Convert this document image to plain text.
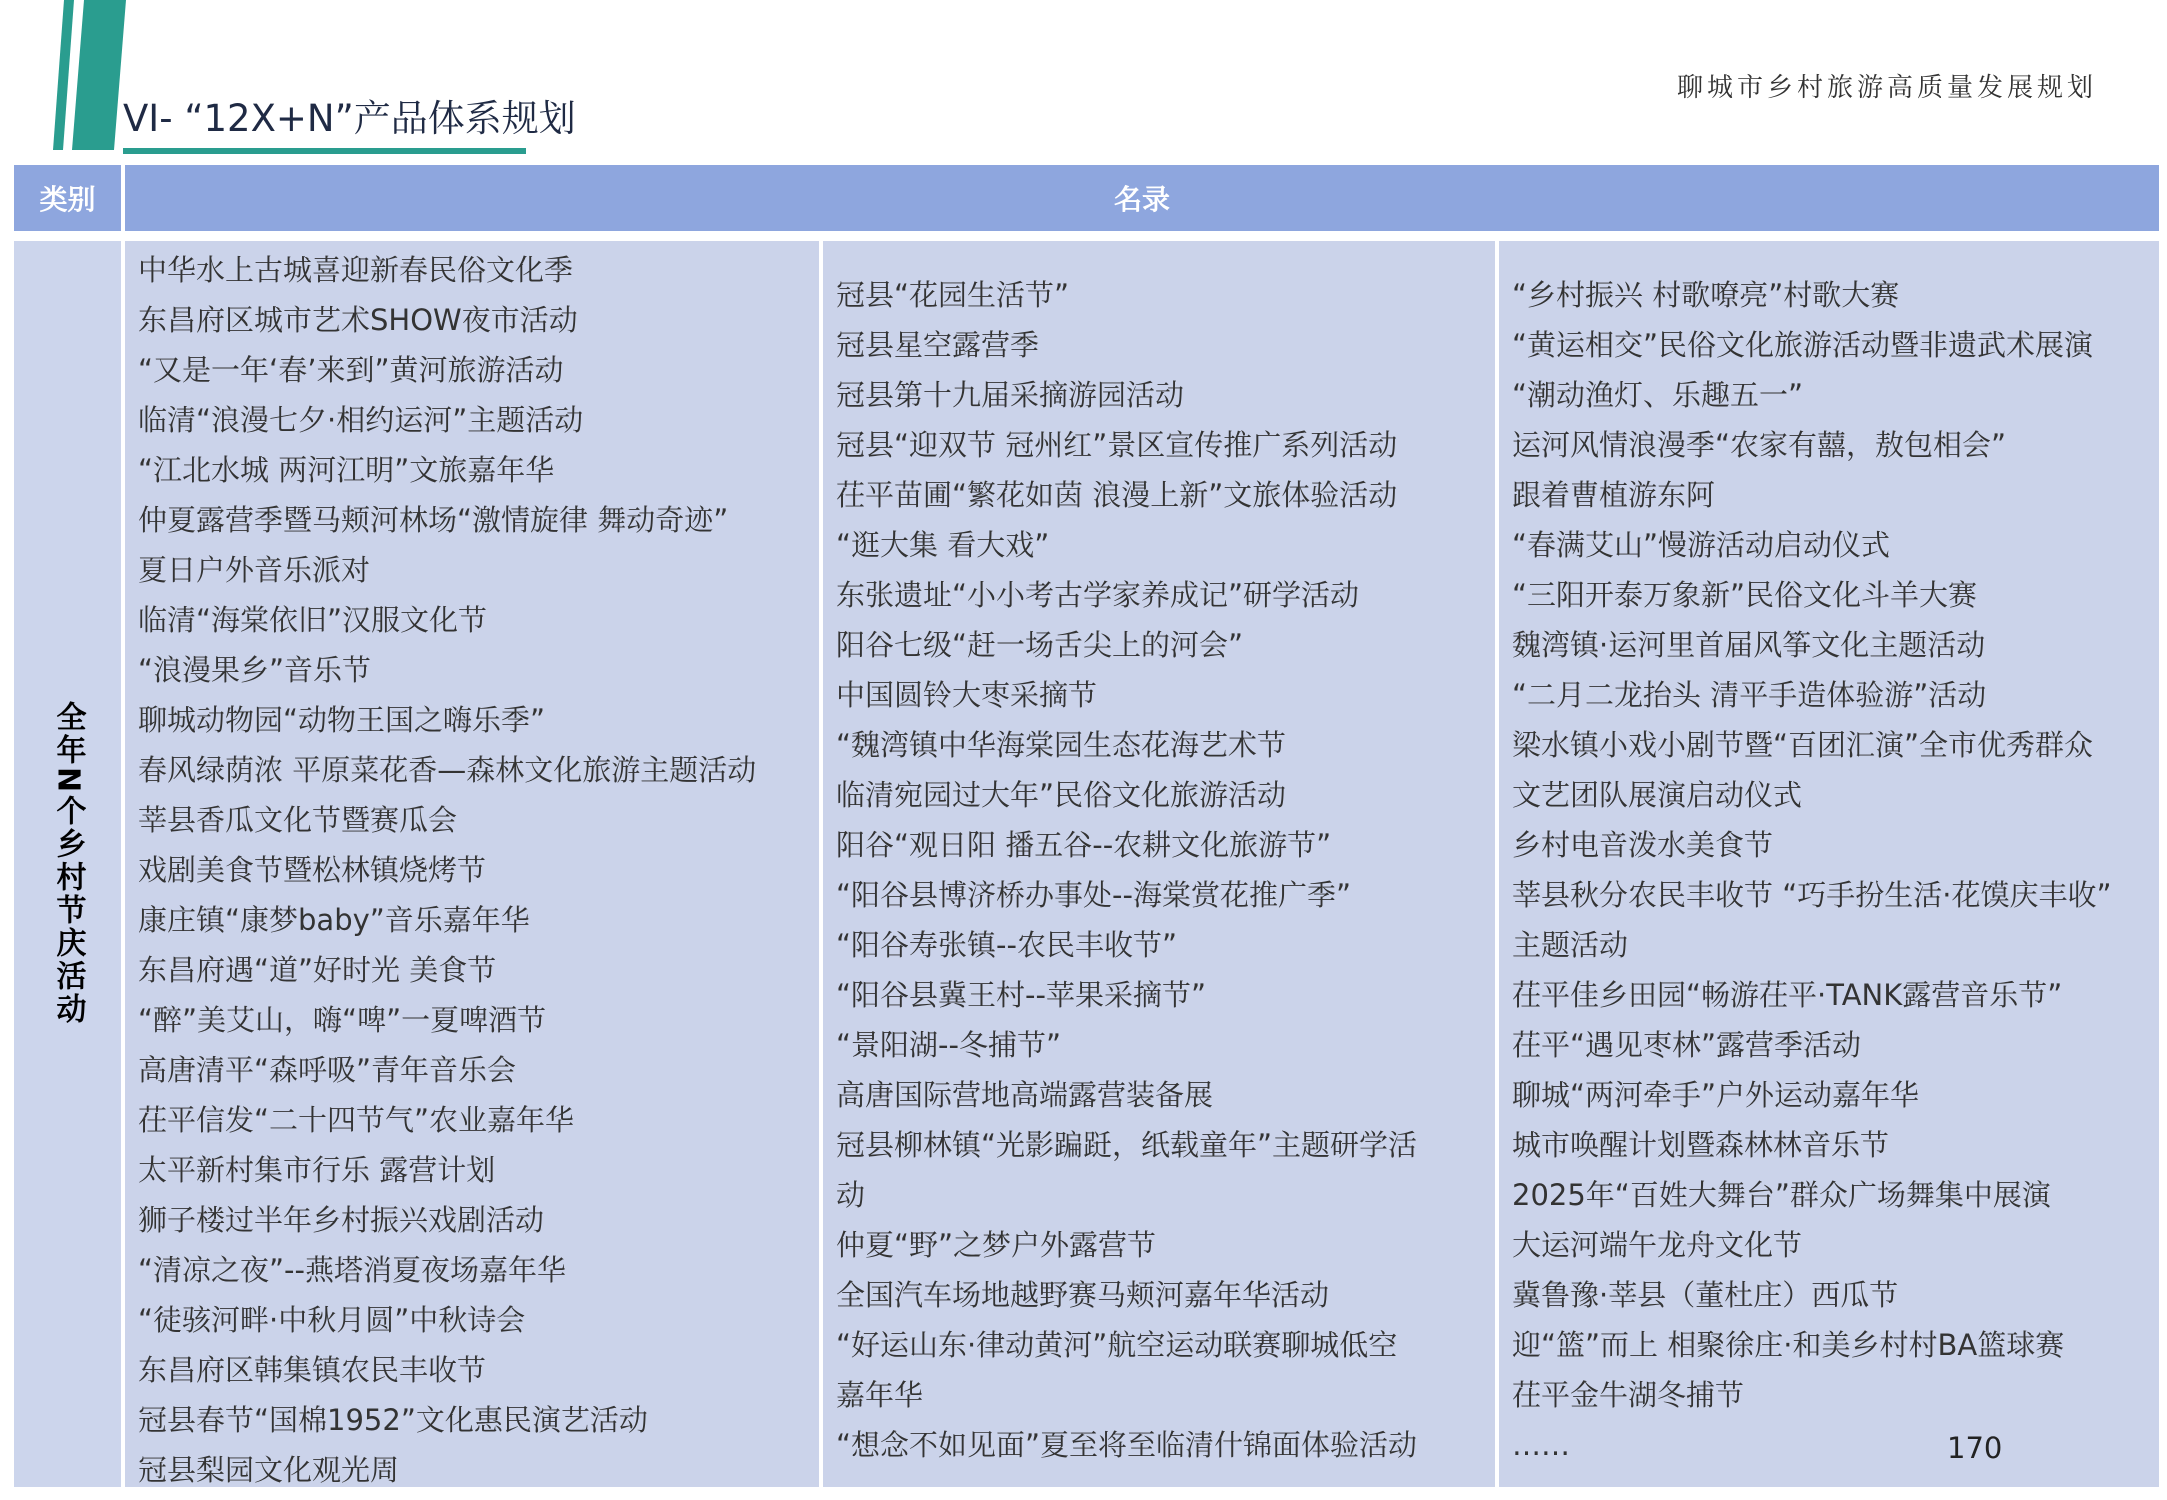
VI- “12X+N”产品体系规划
聊城市乡村旅游高质量发展规划
类别	名录
全年N个乡村节庆活动
中华水上古城喜迎新春民俗文化季
东昌府区城市艺术SHOW夜市活动
“又是一年‘春’来到”黄河旅游活动
临清“浪漫七夕·相约运河”主题活动
“江北水城 两河江明”文旅嘉年华
仲夏露营季暨马颊河林场“激情旋律 舞动奇迹”
夏日户外音乐派对
临清“海棠依旧”汉服文化节
“浪漫果乡”音乐节
聊城动物园“动物王国之嗨乐季”
春风绿荫浓 平原菜花香—森林文化旅游主题活动
莘县香瓜文化节暨赛瓜会
戏剧美食节暨松林镇烧烤节
康庄镇“康梦baby”音乐嘉年华
东昌府遇“道”好时光 美食节
“醉”美艾山，嗨“啤”一夏啤酒节
高唐清平“森呼吸”青年音乐会
茌平信发“二十四节气”农业嘉年华
太平新村集市行乐 露营计划
狮子楼过半年乡村振兴戏剧活动
“清凉之夜”--燕塔消夏夜场嘉年华
“徒骇河畔·中秋月圆”中秋诗会
东昌府区韩集镇农民丰收节
冠县春节“国棉1952”文化惠民演艺活动
冠县梨园文化观光周
冠县“花园生活节”
冠县星空露营季
冠县第十九届采摘游园活动
冠县“迎双节 冠州红”景区宣传推广系列活动
茌平苗圃“繁花如茵 浪漫上新”文旅体验活动
“逛大集 看大戏”
东张遗址“小小考古学家养成记”研学活动
阳谷七级“赶一场舌尖上的河会”
中国圆铃大枣采摘节
“魏湾镇中华海棠园生态花海艺术节
临清宛园过大年”民俗文化旅游活动
阳谷“观日阳 播五谷--农耕文化旅游节”
“阳谷县博济桥办事处--海棠赏花推广季”
“阳谷寿张镇--农民丰收节”
“阳谷县冀王村--苹果采摘节”
“景阳湖--冬捕节”
高唐国际营地高端露营装备展
冠县柳林镇“光影蹁跹，纸载童年”主题研学活
动
仲夏“野”之梦户外露营节
全国汽车场地越野赛马颊河嘉年华活动
“好运山东·律动黄河”航空运动联赛聊城低空
嘉年华
“想念不如见面”夏至将至临清什锦面体验活动
“乡村振兴 村歌嘹亮”村歌大赛
“黄运相交”民俗文化旅游活动暨非遗武术展演
“潮动渔灯、乐趣五一”
运河风情浪漫季“农家有囍，敖包相会”
跟着曹植游东阿
“春满艾山”慢游活动启动仪式
“三阳开泰万象新”民俗文化斗羊大赛
魏湾镇·运河里首届风筝文化主题活动
“二月二龙抬头 清平手造体验游”活动
梁水镇小戏小剧节暨“百团汇演”全市优秀群众
文艺团队展演启动仪式
乡村电音泼水美食节
莘县秋分农民丰收节 “巧手扮生活·花馍庆丰收”
主题活动
茌平佳乡田园“畅游茌平·TANK露营音乐节”
茌平“遇见枣林”露营季活动
聊城“两河牵手”户外运动嘉年华
城市唤醒计划暨森林林音乐节
2025年“百姓大舞台”群众广场舞集中展演
大运河端午龙舟文化节
冀鲁豫·莘县（董杜庄）西瓜节
迎“篮”而上 相聚徐庄·和美乡村村BA篮球赛
茌平金牛湖冬捕节
……	170
